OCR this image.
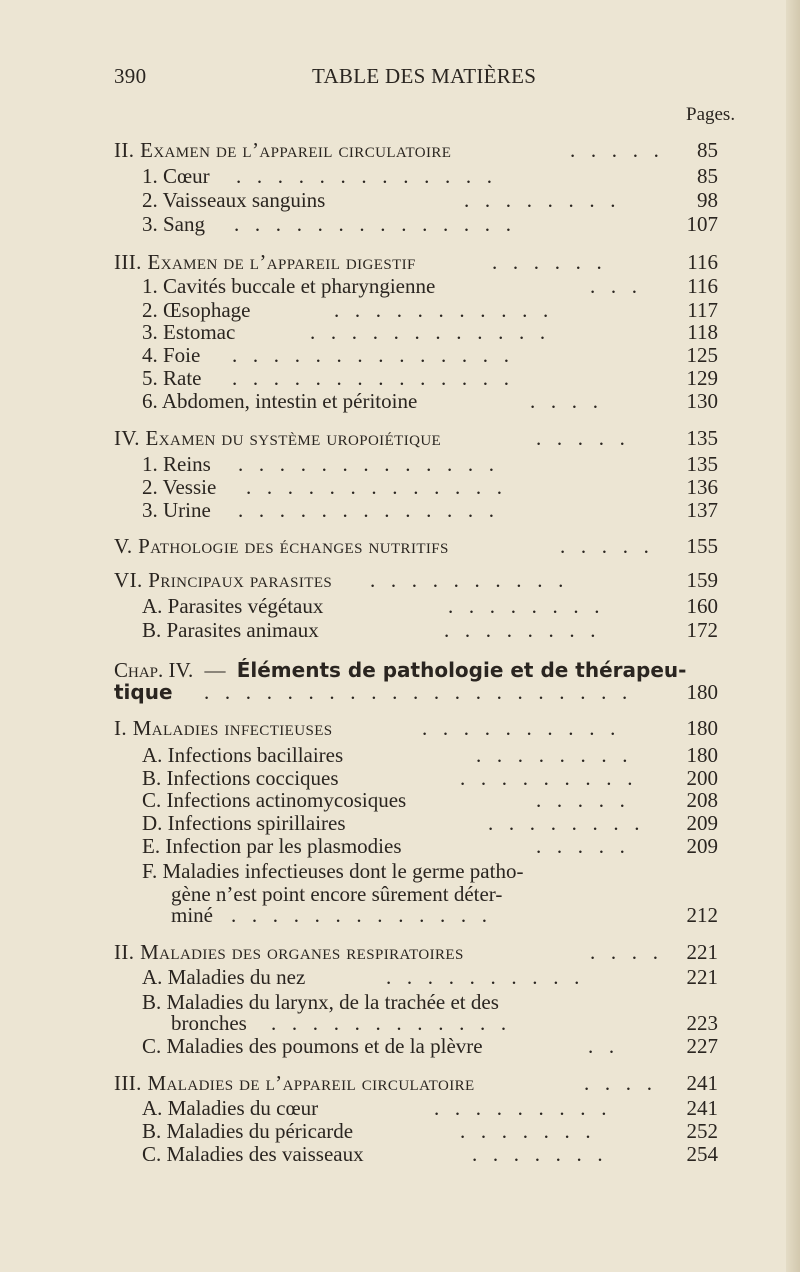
390	TABLE DES MATIÈRES
Pages.
II. Examen de l’appareil circulatoire	. . . . .	85
1. Cœur . . . . . . . . . . . . .	85
2. Vaisseaux sanguins	. . . . . . . .	98
3. Sang . . . . . . . . . . . . . .	107
III. Examen de l’appareil digestif	. . . . . .	116
1. Cavités buccale et pharyngienne	. . .	116
2. Œsophage	. . . . . . . . . . .	117
3. Estomac	. . . . . . . . . . . .	118
4. Foie . . . . . . . . . . . . . .	125
5. Rate . . . . . . . . . . . . . .	129
6. Abdomen, intestin et péritoine	. . . .	130
IV. Examen du système uropoiétique	. . . . .	135
1. Reins . . . . . . . . . . . . .	135
2. Vessie . . . . . . . . . . . . .	136
3. Urine . . . . . . . . . . . . .	137
V. Pathologie des échanges nutritifs	. . . . .	155
VI. Principaux parasites . . . . . . . . . .	159
A. Parasites végétaux	. . . . . . . .	160
B. Parasites animaux	. . . . . . . .	172
Chap. IV. — Éléments de pathologie et de thérapeu-
tique . . . . . . . . . . . . . . . . . . . . .	180
I. Maladies infectieuses	. . . . . . . . . .	180
A. Infections bacillaires	. . . . . . . .	180
B. Infections cocciques	. . . . . . . . .	200
C. Infections actinomycosiques	. . . . .	208
D. Infections spirillaires	. . . . . . . .	209
E. Infection par les plasmodies	. . . . .	209
F. Maladies infectieuses dont le germe patho-
gène n’est point encore sûrement déter-
miné . . . . . . . . . . . . .	212
II. Maladies des organes respiratoires	. . . .	221
A. Maladies du nez	. . . . . . . . . .	221
B. Maladies du larynx, de la trachée et des
bronches . . . . . . . . . . . .	223
C. Maladies des poumons et de la plèvre	. .	227
III. Maladies de l’appareil circulatoire	. . . .	241
A. Maladies du cœur	. . . . . . . . .	241
B. Maladies du péricarde	. . . . . . .	252
C. Maladies des vaisseaux	. . . . . . .	254
